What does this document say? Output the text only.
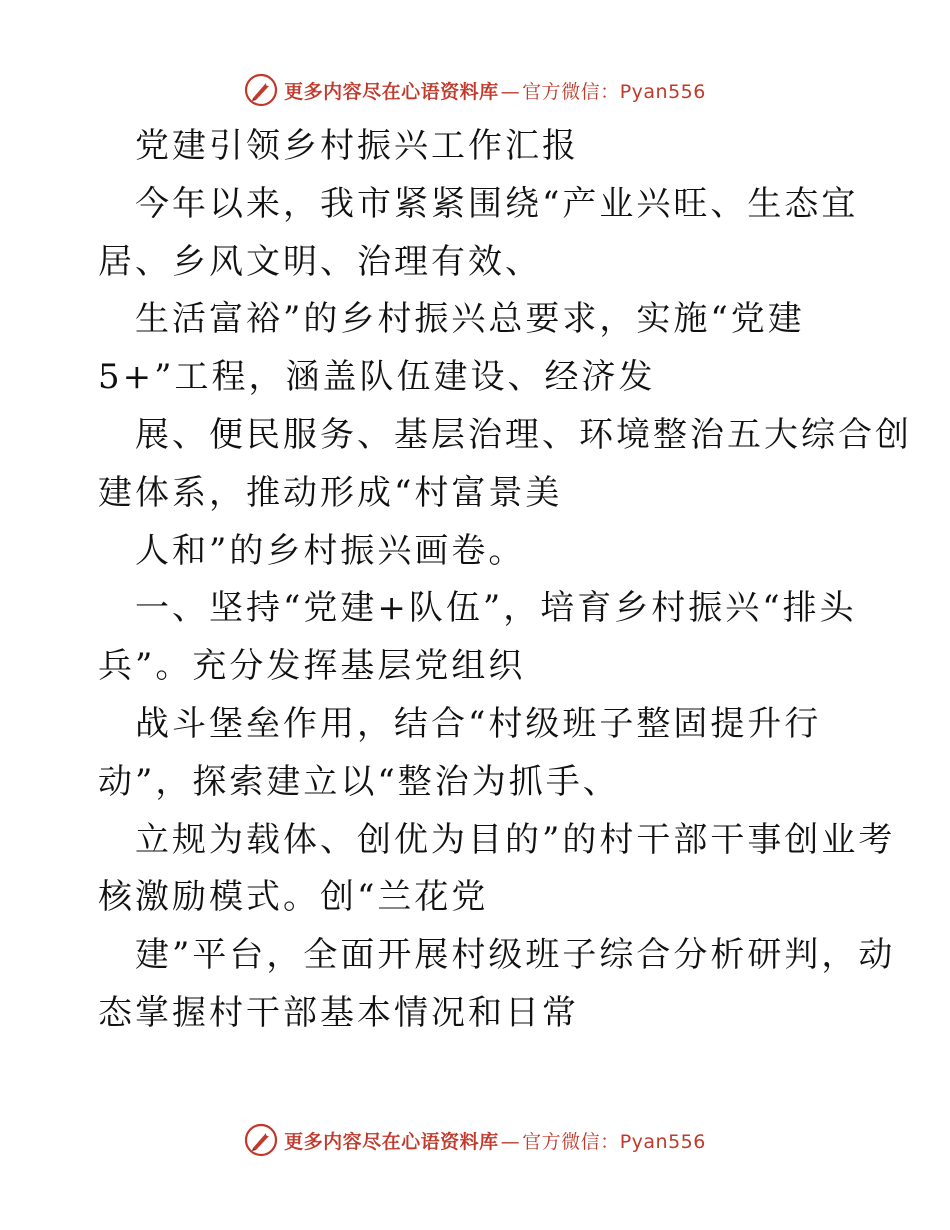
更多内容尽在心语资料库 — 官方微信：Pyan556
党建引领乡村振兴工作汇报
今年以来，我市紧紧围绕“产业兴旺、生态宜
居、乡风文明、治理有效、
生活富裕”的乡村振兴总要求，实施“党建
5+”工程，涵盖队伍建设、经济发
展、便民服务、基层治理、环境整治五大综合创
建体系，推动形成“村富景美
人和”的乡村振兴画卷。
一、坚持“党建+队伍”，培育乡村振兴“排头
兵”。充分发挥基层党组织
战斗堡垒作用，结合“村级班子整固提升行
动”，探索建立以“整治为抓手、
立规为载体、创优为目的”的村干部干事创业考
核激励模式。创“兰花党
建”平台，全面开展村级班子综合分析研判，动
态掌握村干部基本情况和日常
更多内容尽在心语资料库 — 官方微信：Pyan556
